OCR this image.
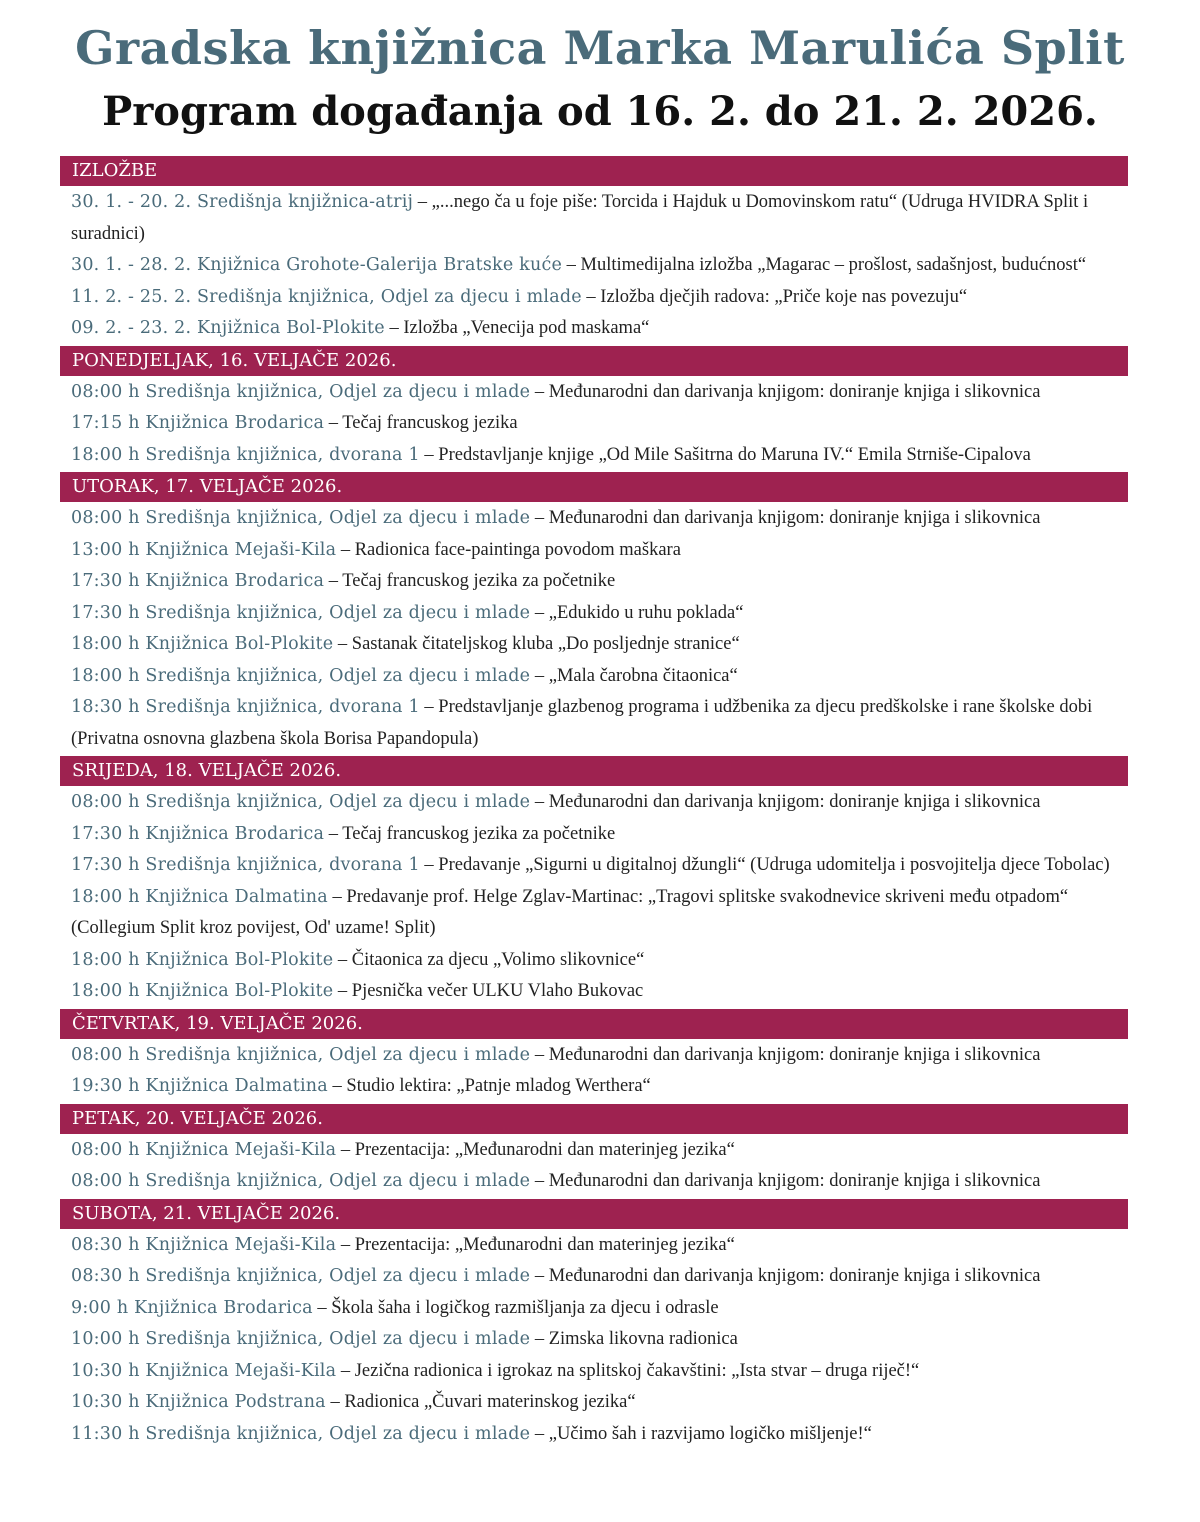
Gradska knjižnica Marka Marulića Split
Program događanja od 16. 2. do 21. 2. 2026.
IZLOŽBE
30. 1. - 20. 2. Središnja knjižnica-atrij – „...nego ča u foje piše: Torcida i Hajduk u Domovinskom ratu“ (Udruga HVIDRA Split i suradnici)
30. 1. - 28. 2. Knjižnica Grohote-Galerija Bratske kuće – Multimedijalna izložba „Magarac – prošlost, sadašnjost, budućnost“
11. 2. - 25. 2. Središnja knjižnica, Odjel za djecu i mlade – Izložba dječjih radova: „Priče koje nas povezuju“
09. 2. - 23. 2. Knjižnica Bol-Plokite – Izložba „Venecija pod maskama“
PONEDJELJAK, 16. VELJAČE 2026.
08:00 h Središnja knjižnica, Odjel za djecu i mlade – Međunarodni dan darivanja knjigom: doniranje knjiga i slikovnica
17:15 h Knjižnica Brodarica – Tečaj francuskog jezika
18:00 h Središnja knjižnica, dvorana 1 – Predstavljanje knjige „Od Mile Sašitrna do Maruna IV.“ Emila Strniše-Cipalova
UTORAK, 17. VELJAČE 2026.
08:00 h Središnja knjižnica, Odjel za djecu i mlade – Međunarodni dan darivanja knjigom: doniranje knjiga i slikovnica
13:00 h Knjižnica Mejaši-Kila – Radionica face-paintinga povodom maškara
17:30 h Knjižnica Brodarica – Tečaj francuskog jezika za početnike
17:30 h Središnja knjižnica, Odjel za djecu i mlade – „Edukido u ruhu poklada“
18:00 h Knjižnica Bol-Plokite – Sastanak čitateljskog kluba „Do posljednje stranice“
18:00 h Središnja knjižnica, Odjel za djecu i mlade – „Mala čarobna čitaonica“
18:30 h Središnja knjižnica, dvorana 1 – Predstavljanje glazbenog programa i udžbenika za djecu predškolske i rane školske dobi (Privatna osnovna glazbena škola Borisa Papandopula)
SRIJEDA, 18. VELJAČE 2026.
08:00 h Središnja knjižnica, Odjel za djecu i mlade – Međunarodni dan darivanja knjigom: doniranje knjiga i slikovnica
17:30 h Knjižnica Brodarica – Tečaj francuskog jezika za početnike
17:30 h Središnja knjižnica, dvorana 1 – Predavanje „Sigurni u digitalnoj džungli“ (Udruga udomitelja i posvojitelja djece Tobolac)
18:00 h Knjižnica Dalmatina – Predavanje prof. Helge Zglav-Martinac: „Tragovi splitske svakodnevice skriveni među otpadom“ (Collegium Split kroz povijest, Od' uzame! Split)
18:00 h Knjižnica Bol-Plokite – Čitaonica za djecu „Volimo slikovnice“
18:00 h Knjižnica Bol-Plokite – Pjesnička večer ULKU Vlaho Bukovac
ČETVRTAK, 19. VELJAČE 2026.
08:00 h Središnja knjižnica, Odjel za djecu i mlade – Međunarodni dan darivanja knjigom: doniranje knjiga i slikovnica
19:30 h Knjižnica Dalmatina – Studio lektira: „Patnje mladog Werthera“
PETAK, 20. VELJAČE 2026.
08:00 h Knjižnica Mejaši-Kila – Prezentacija: „Međunarodni dan materinjeg jezika“
08:00 h Središnja knjižnica, Odjel za djecu i mlade – Međunarodni dan darivanja knjigom: doniranje knjiga i slikovnica
SUBOTA, 21. VELJAČE 2026.
08:30 h Knjižnica Mejaši-Kila – Prezentacija: „Međunarodni dan materinjeg jezika“
08:30 h Središnja knjižnica, Odjel za djecu i mlade – Međunarodni dan darivanja knjigom: doniranje knjiga i slikovnica
9:00 h Knjižnica Brodarica – Škola šaha i logičkog razmišljanja za djecu i odrasle
10:00 h Središnja knjižnica, Odjel za djecu i mlade – Zimska likovna radionica
10:30 h Knjižnica Mejaši-Kila – Jezična radionica i igrokaz na splitskoj čakavštini: „Ista stvar – druga riječ!“
10:30 h Knjižnica Podstrana – Radionica „Čuvari materinskog jezika“
11:30 h Središnja knjižnica, Odjel za djecu i mlade – „Učimo šah i razvijamo logičko mišljenje!“
